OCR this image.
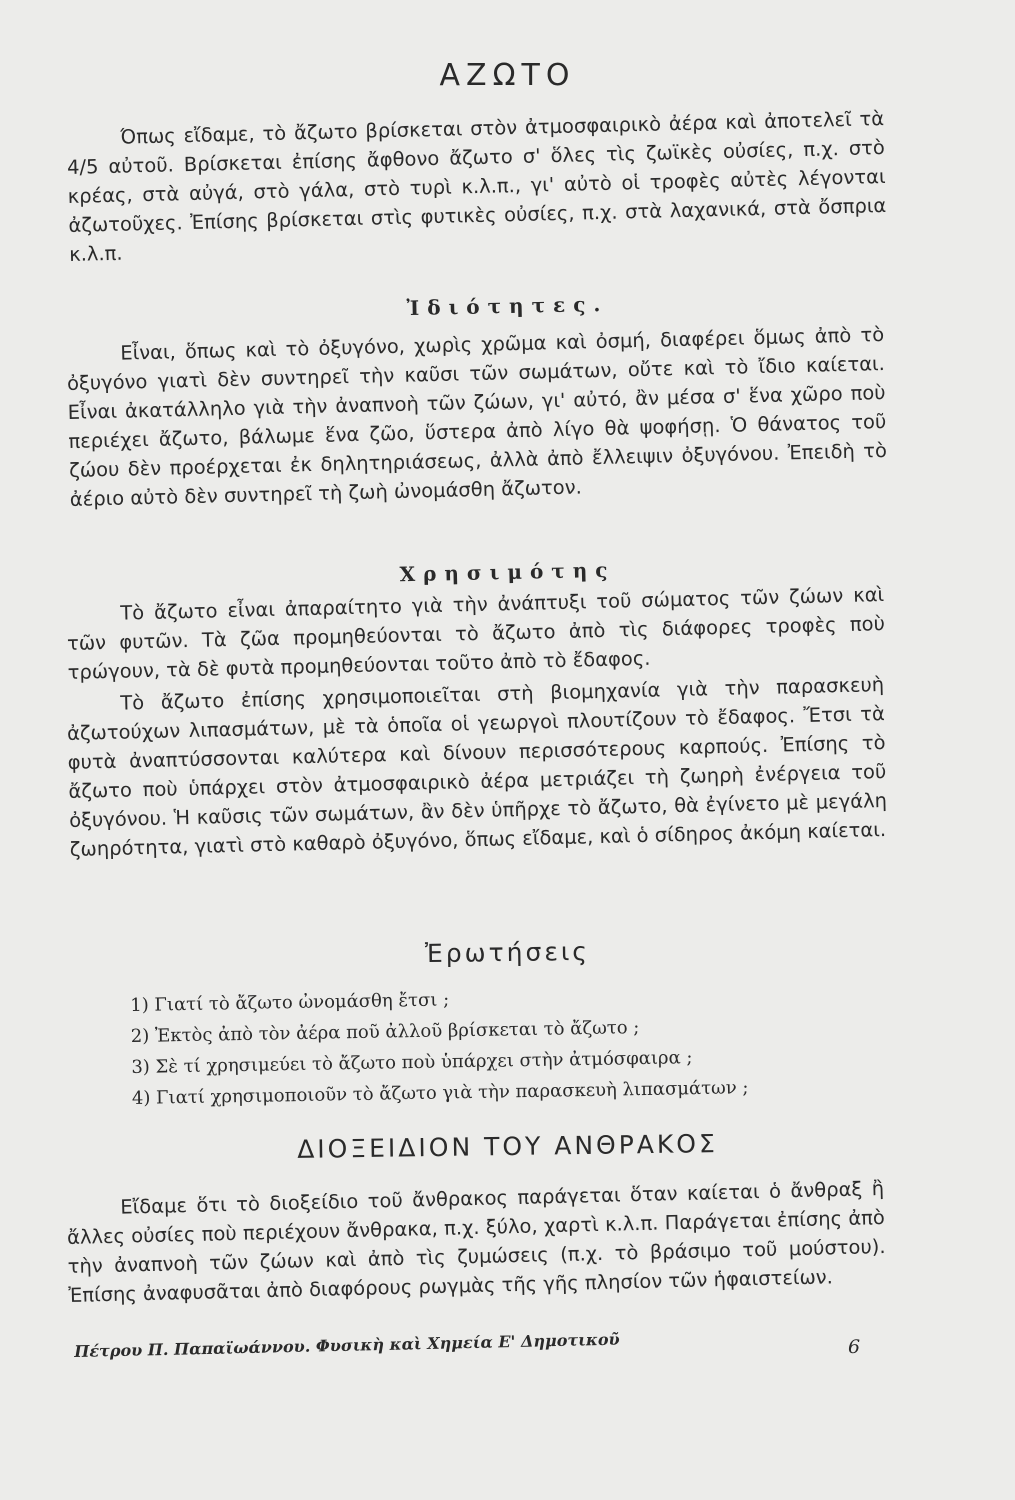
ΑΖΩΤΟ
Όπως εἴδαμε, τὸ ἄζωτο βρίσκεται στὸν ἀτμοσφαιρικὸ ἀέρα καὶ ἀποτελεῖ τὰ 4/5 αὐτοῦ. Βρίσκεται ἐπίσης ἄφθονο ἄζωτο σ' ὅλες τὶς ζωϊκὲς οὐσίες, π.χ. στὸ κρέας, στὰ αὐγά, στὸ γάλα, στὸ τυρὶ κ.λ.π., γι' αὐτὸ οἱ τροφὲς αὐτὲς λέγονται ἀζωτοῦχες. Ἐπίσης βρίσκεται στὶς φυτικὲς οὐσίες, π.χ. στὰ λαχανικά, στὰ ὄσπρια κ.λ.π.
Ἰδιότητες.
Εἶναι, ὅπως καὶ τὸ ὀξυγόνο, χωρὶς χρῶμα καὶ ὀσμή, διαφέρει ὅμως ἀπὸ τὸ ὀξυγόνο γιατὶ δὲν συντηρεῖ τὴν καῦσι τῶν σωμάτων, οὔτε καὶ τὸ ἴδιο καίεται. Εἶναι ἀκατάλληλο γιὰ τὴν ἀναπνοὴ τῶν ζώων, γι' αὐτό, ἂν μέσα σ' ἕνα χῶρο ποὺ περιέχει ἄζωτο, βάλωμε ἕνα ζῶο, ὕστερα ἀπὸ λίγο θὰ ψοφήσῃ. Ὁ θάνατος τοῦ ζώου δὲν προέρχεται ἐκ δηλητηριάσεως, ἀλλὰ ἀπὸ ἔλλειψιν ὀξυγόνου. Ἐπειδὴ τὸ ἀέριο αὐτὸ δὲν συντηρεῖ τὴ ζωὴ ὠνομάσθη ἄζωτον.
Χρησιμότης
Τὸ ἄζωτο εἶναι ἀπαραίτητο γιὰ τὴν ἀνάπτυξι τοῦ σώματος τῶν ζώων καὶ τῶν φυτῶν. Τὰ ζῶα προμηθεύονται τὸ ἄζωτο ἀπὸ τὶς διάφορες τροφὲς ποὺ τρώγουν, τὰ δὲ φυτὰ προμηθεύονται τοῦτο ἀπὸ τὸ ἔδαφος.
Τὸ ἄζωτο ἐπίσης χρησιμοποιεῖται στὴ βιομηχανία γιὰ τὴν παρασκευὴ ἀζωτούχων λιπασμάτων, μὲ τὰ ὁποῖα οἱ γεωργοὶ πλουτίζουν τὸ ἔδαφος. Ἔτσι τὰ φυτὰ ἀναπτύσσονται καλύτερα καὶ δίνουν περισσότερους καρπούς. Ἐπίσης τὸ ἄζωτο ποὺ ὑπάρχει στὸν ἀτμοσφαιρικὸ ἀέρα μετριάζει τὴ ζωηρὴ ἐνέργεια τοῦ ὀξυγόνου. Ἡ καῦσις τῶν σωμάτων, ἂν δὲν ὑπῆρχε τὸ ἄζωτο, θὰ ἐγίνετο μὲ μεγάλη ζωηρότητα, γιατὶ στὸ καθαρὸ ὀξυγόνο, ὅπως εἴδαμε, καὶ ὁ σίδηρος ἀκόμη καίεται.
Ἐρωτήσεις
1) Γιατί τὸ ἄζωτο ὠνομάσθη ἔτσι ;
2) Ἐκτὸς ἀπὸ τὸν ἀέρα ποῦ ἀλλοῦ βρίσκεται τὸ ἄζωτο ;
3) Σὲ τί χρησιμεύει τὸ ἄζωτο ποὺ ὑπάρχει στὴν ἀτμόσφαιρα ;
4) Γιατί χρησιμοποιοῦν τὸ ἄζωτο γιὰ τὴν παρασκευὴ λιπασμάτων ;
ΔΙΟΞΕΙΔΙΟΝ ΤΟΥ ΑΝΘΡΑΚΟΣ
Εἴδαμε ὅτι τὸ διοξείδιο τοῦ ἄνθρακος παράγεται ὅταν καίεται ὁ ἄνθραξ ἢ ἄλλες οὐσίες ποὺ περιέχουν ἄνθρακα, π.χ. ξύλο, χαρτὶ κ.λ.π. Παράγεται ἐπίσης ἀπὸ τὴν ἀναπνοὴ τῶν ζώων καὶ ἀπὸ τὶς ζυμώσεις (π.χ. τὸ βράσιμο τοῦ μούστου). Ἐπίσης ἀναφυσᾶται ἀπὸ διαφόρους ρωγμὰς τῆς γῆς πλησίον τῶν ἡφαιστείων.
Πέτρου Π. Παπαϊωάννου. Φυσικὴ καὶ Χημεία Ε' Δημοτικοῦ	6
